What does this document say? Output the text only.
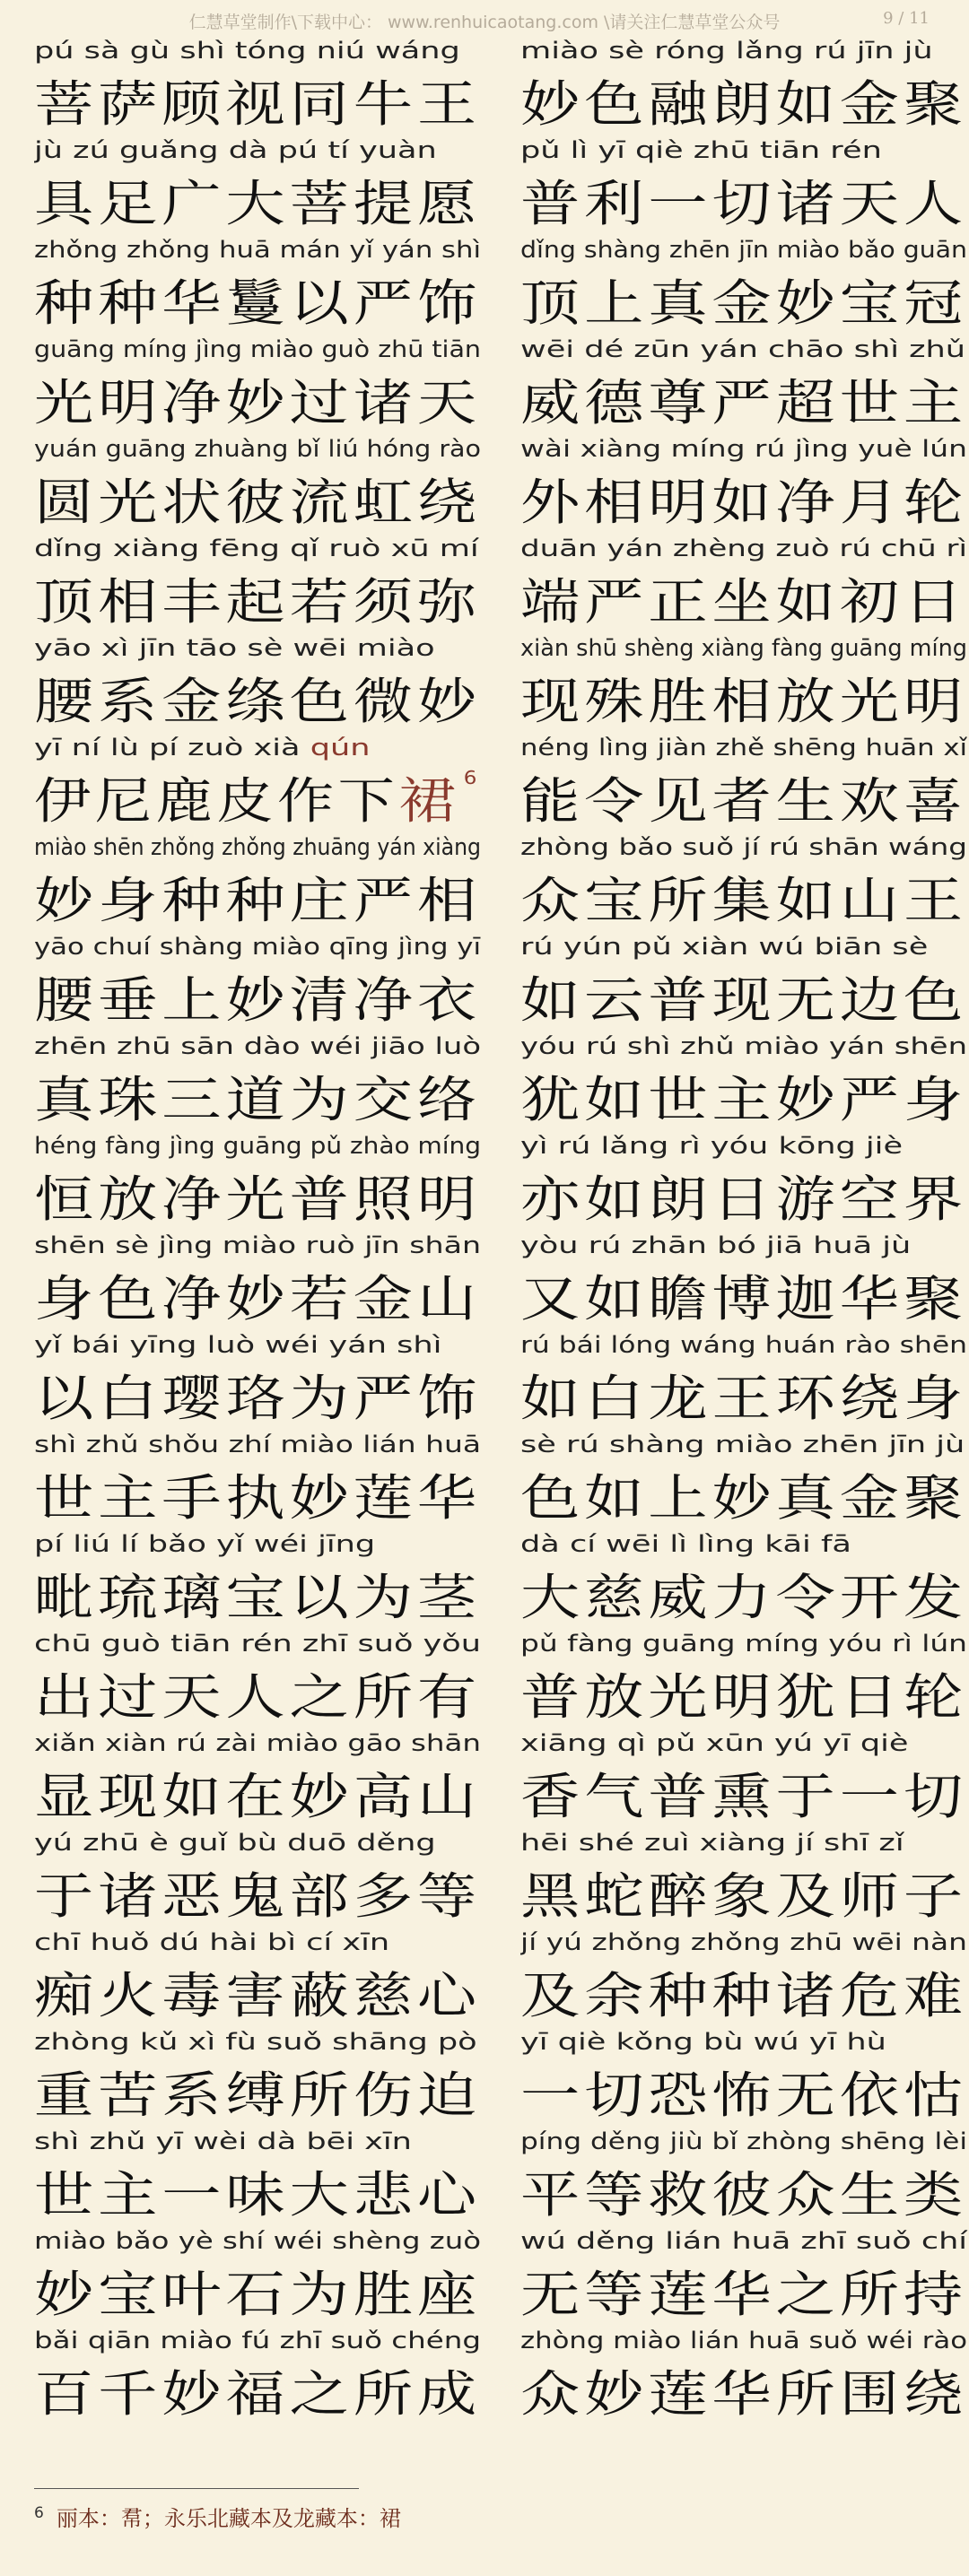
仁慧草堂制作\下载中心： www.renhuicaotang.com \请关注仁慧草堂公众号	9 / 11
pú sà gù shì tóng niú wáng
菩萨顾视同牛王
jù zú guǎng dà pú tí yuàn
具足广大菩提愿
zhǒng zhǒng huā mán yǐ yán shì
种种华鬘以严饰
guāng míng jìng miào guò zhū tiān
光明净妙过诸天
yuán guāng zhuàng bǐ liú hóng rào
圆光状彼流虹绕
dǐng xiàng fēng qǐ ruò xū mí
顶相丰起若须弥
yāo xì jīn tāo sè wēi miào
腰系金绦色微妙
yī ní lù pí zuò xià qún
伊尼鹿皮作下裙 $^6$
miào shēn zhǒng zhǒng zhuāng yán xiàng
妙身种种庄严相
yāo chuí shàng miào qīng jìng yī
腰垂上妙清净衣
zhēn zhū sān dào wéi jiāo luò
真珠三道为交络
héng fàng jìng guāng pǔ zhào míng
恒放净光普照明
shēn sè jìng miào ruò jīn shān
身色净妙若金山
yǐ bái yīng luò wéi yán shì
以白璎珞为严饰
shì zhǔ shǒu zhí miào lián huā
世主手执妙莲华
pí liú lí bǎo yǐ wéi jīng
毗琉璃宝以为茎
chū guò tiān rén zhī suǒ yǒu
出过天人之所有
xiǎn xiàn rú zài miào gāo shān
显现如在妙高山
yú zhū è guǐ bù duō děng
于诸恶鬼部多等
chī huǒ dú hài bì cí xīn
痴火毒害蔽慈心
zhòng kǔ xì fù suǒ shāng pò
重苦系缚所伤迫
shì zhǔ yī wèi dà bēi xīn
世主一味大悲心
miào bǎo yè shí wéi shèng zuò
妙宝叶石为胜座
bǎi qiān miào fú zhī suǒ chéng
百千妙福之所成
miào sè róng lǎng rú jīn jù
妙色融朗如金聚
pǔ lì yī qiè zhū tiān rén
普利一切诸天人
dǐng shàng zhēn jīn miào bǎo guān
顶上真金妙宝冠
wēi dé zūn yán chāo shì zhǔ
威德尊严超世主
wài xiàng míng rú jìng yuè lún
外相明如净月轮
duān yán zhèng zuò rú chū rì
端严正坐如初日
xiàn shū shèng xiàng fàng guāng míng
现殊胜相放光明
néng lìng jiàn zhě shēng huān xǐ
能令见者生欢喜
zhòng bǎo suǒ jí rú shān wáng
众宝所集如山王
rú yún pǔ xiàn wú biān sè
如云普现无边色
yóu rú shì zhǔ miào yán shēn
犹如世主妙严身
yì rú lǎng rì yóu kōng jiè
亦如朗日游空界
yòu rú zhān bó jiā huā jù
又如瞻博迦华聚
rú bái lóng wáng huán rào shēn
如白龙王环绕身
sè rú shàng miào zhēn jīn jù
色如上妙真金聚
dà cí wēi lì lìng kāi fā
大慈威力令开发
pǔ fàng guāng míng yóu rì lún
普放光明犹日轮
xiāng qì pǔ xūn yú yī qiè
香气普熏于一切
hēi shé zuì xiàng jí shī zǐ
黑蛇醉象及师子
jí yú zhǒng zhǒng zhū wēi nàn
及余种种诸危难
yī qiè kǒng bù wú yī hù
一切恐怖无依怙
píng děng jiù bǐ zhòng shēng lèi
平等救彼众生类
wú děng lián huā zhī suǒ chí
无等莲华之所持
zhòng miào lián huā suǒ wéi rào
众妙莲华所围绕
$^6$ 丽本：帬；永乐北藏本及龙藏本：裙
